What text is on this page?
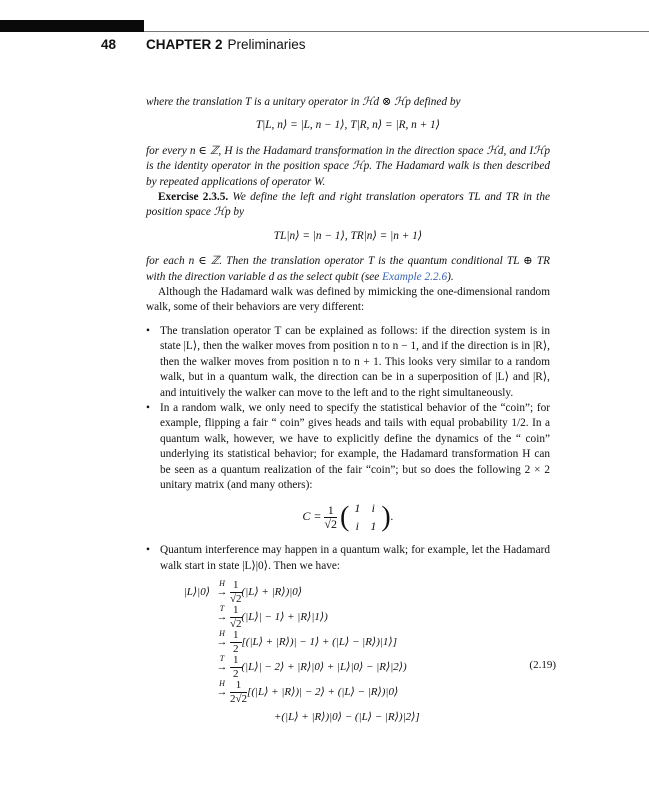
48 CHAPTER 2 Preliminaries

where the translation T is a unitary operator in ℋd ⊗ ℋp defined by

T|L, n⟩ = |L, n − 1⟩, T|R, n⟩ = |R, n + 1⟩

for every n ∈ ℤ, H is the Hadamard transformation in the direction space ℋd, and Iℋp is the identity operator in the position space ℋp. The Hadamard walk is then described by repeated applications of operator W.

Exercise 2.3.5. We define the left and right translation operators TL and TR in the position space ℋp by

TL|n⟩ = |n − 1⟩, TR|n⟩ = |n + 1⟩

for each n ∈ ℤ. Then the translation operator T is the quantum conditional TL ⊕ TR with the direction variable d as the select qubit (see Example 2.2.6).

Although the Hadamard walk was defined by mimicking the one-dimensional random walk, some of their behaviors are very different:

• The translation operator T can be explained as follows: if the direction system is in state |L⟩, then the walker moves from position n to n − 1, and if the direction is in |R⟩, then the walker moves from position n to n + 1. This looks very similar to a random walk, but in a quantum walk, the direction can be in a superposition of |L⟩ and |R⟩, and intuitively the walker can move to the left and to the right simultaneously.

• In a random walk, we only need to specify the statistical behavior of the “coin”; for example, flipping a fair “ coin” gives heads and tails with equal probability 1/2. In a quantum walk, however, we have to explicitly define the dynamics of the “ coin” underlying its statistical behavior; for example, the Hadamard transformation H can be seen as a quantum realization of the fair “coin”; but so does the following 2 × 2 unitary matrix (and many others):

$C = \frac{1}{√2}$ ( 1	i
i	1 ).

• Quantum interference may happen in a quantum walk; for example, let the Hadamard walk start in state |L⟩|0⟩. Then we have:

(2.19)
|L⟩|0⟩ →
H $\frac{1}{√2}$ (|L⟩ + |R⟩)|0⟩
→
T $\frac{1}{√2}$ (|L⟩| − 1⟩ + |R⟩|1⟩)
→
H $\frac{1}{2}$ [(|L⟩ + |R⟩)| − 1⟩ + (|L⟩ − |R⟩)|1⟩]
→
T $\frac{1}{2}$ (|L⟩| − 2⟩ + |R⟩|0⟩ + |L⟩|0⟩ − |R⟩|2⟩)
→
H $\frac{1}{2√2}$ [(|L⟩ + |R⟩)| − 2⟩ + (|L⟩ − |R⟩)|0⟩
+(|L⟩ + |R⟩)|0⟩ − (|L⟩ − |R⟩)|2⟩]
